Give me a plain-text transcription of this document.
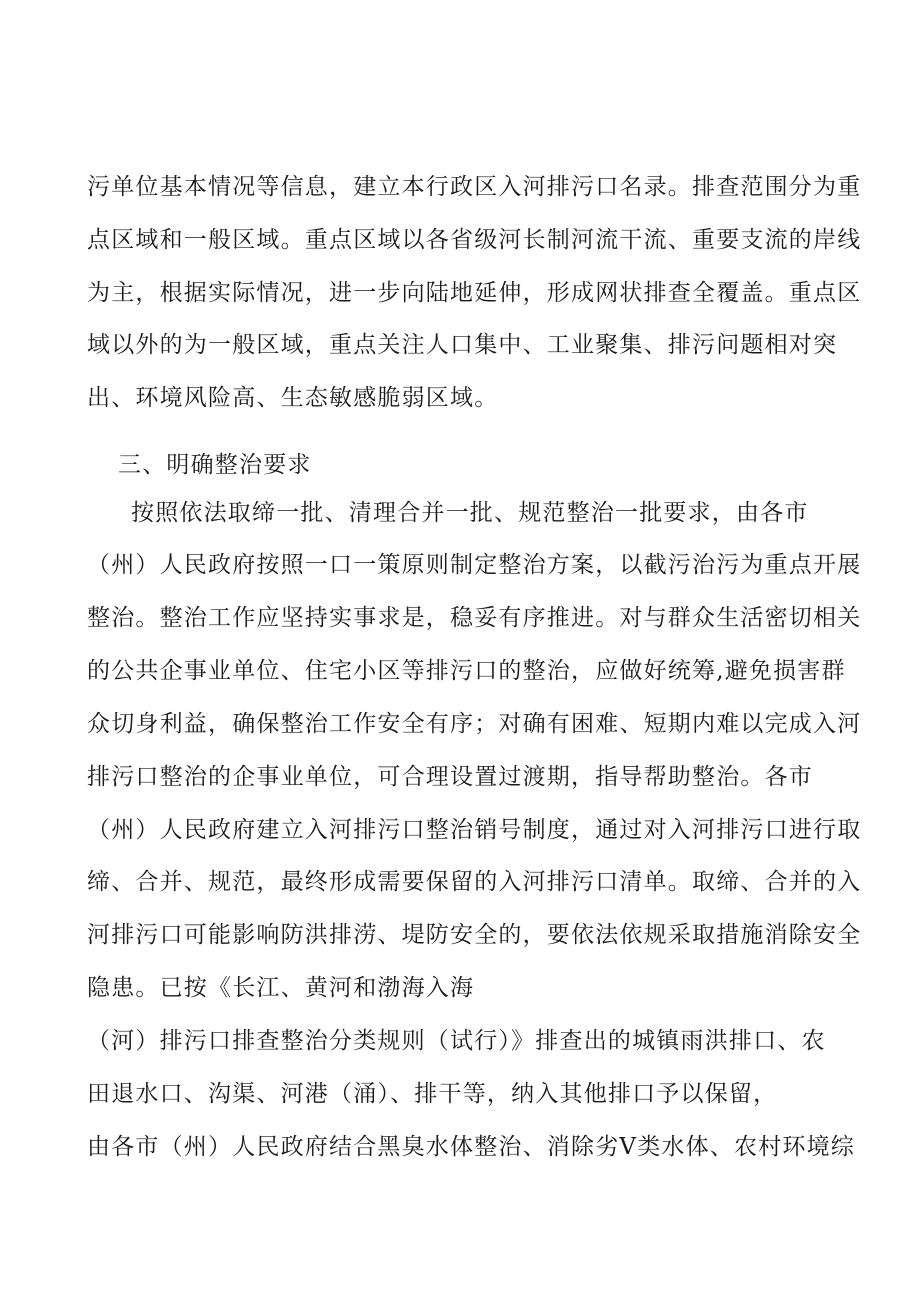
污单位基本情况等信息，建立本行政区入河排污口名录。排查范围分为重
点区域和一般区域。重点区域以各省级河长制河流干流、重要支流的岸线
为主，根据实际情况，进一步向陆地延伸，形成网状排查全覆盖。重点区
域以外的为一般区域，重点关注人口集中、工业聚集、排污问题相对突
出、环境风险高、生态敏感脆弱区域。
三、明确整治要求
按照依法取缔一批、清理合并一批、规范整治一批要求，由各市
（州）人民政府按照一口一策原则制定整治方案，以截污治污为重点开展
整治。整治工作应坚持实事求是，稳妥有序推进。对与群众生活密切相关
的公共企事业单位、住宅小区等排污口的整治，应做好统筹,避免损害群
众切身利益，确保整治工作安全有序；对确有困难、短期内难以完成入河
排污口整治的企事业单位，可合理设置过渡期，指导帮助整治。各市
（州）人民政府建立入河排污口整治销号制度，通过对入河排污口进行取
缔、合并、规范，最终形成需要保留的入河排污口清单。取缔、合并的入
河排污口可能影响防洪排涝、堤防安全的，要依法依规采取措施消除安全
隐患。已按《长江、黄河和渤海入海
（河）排污口排查整治分类规则（试行）》排查出的城镇雨洪排口、农
田退水口、沟渠、河港（涌）、排干等，纳入其他排口予以保留，
由各市（州）人民政府结合黑臭水体整治、消除劣V类水体、农村环境综
